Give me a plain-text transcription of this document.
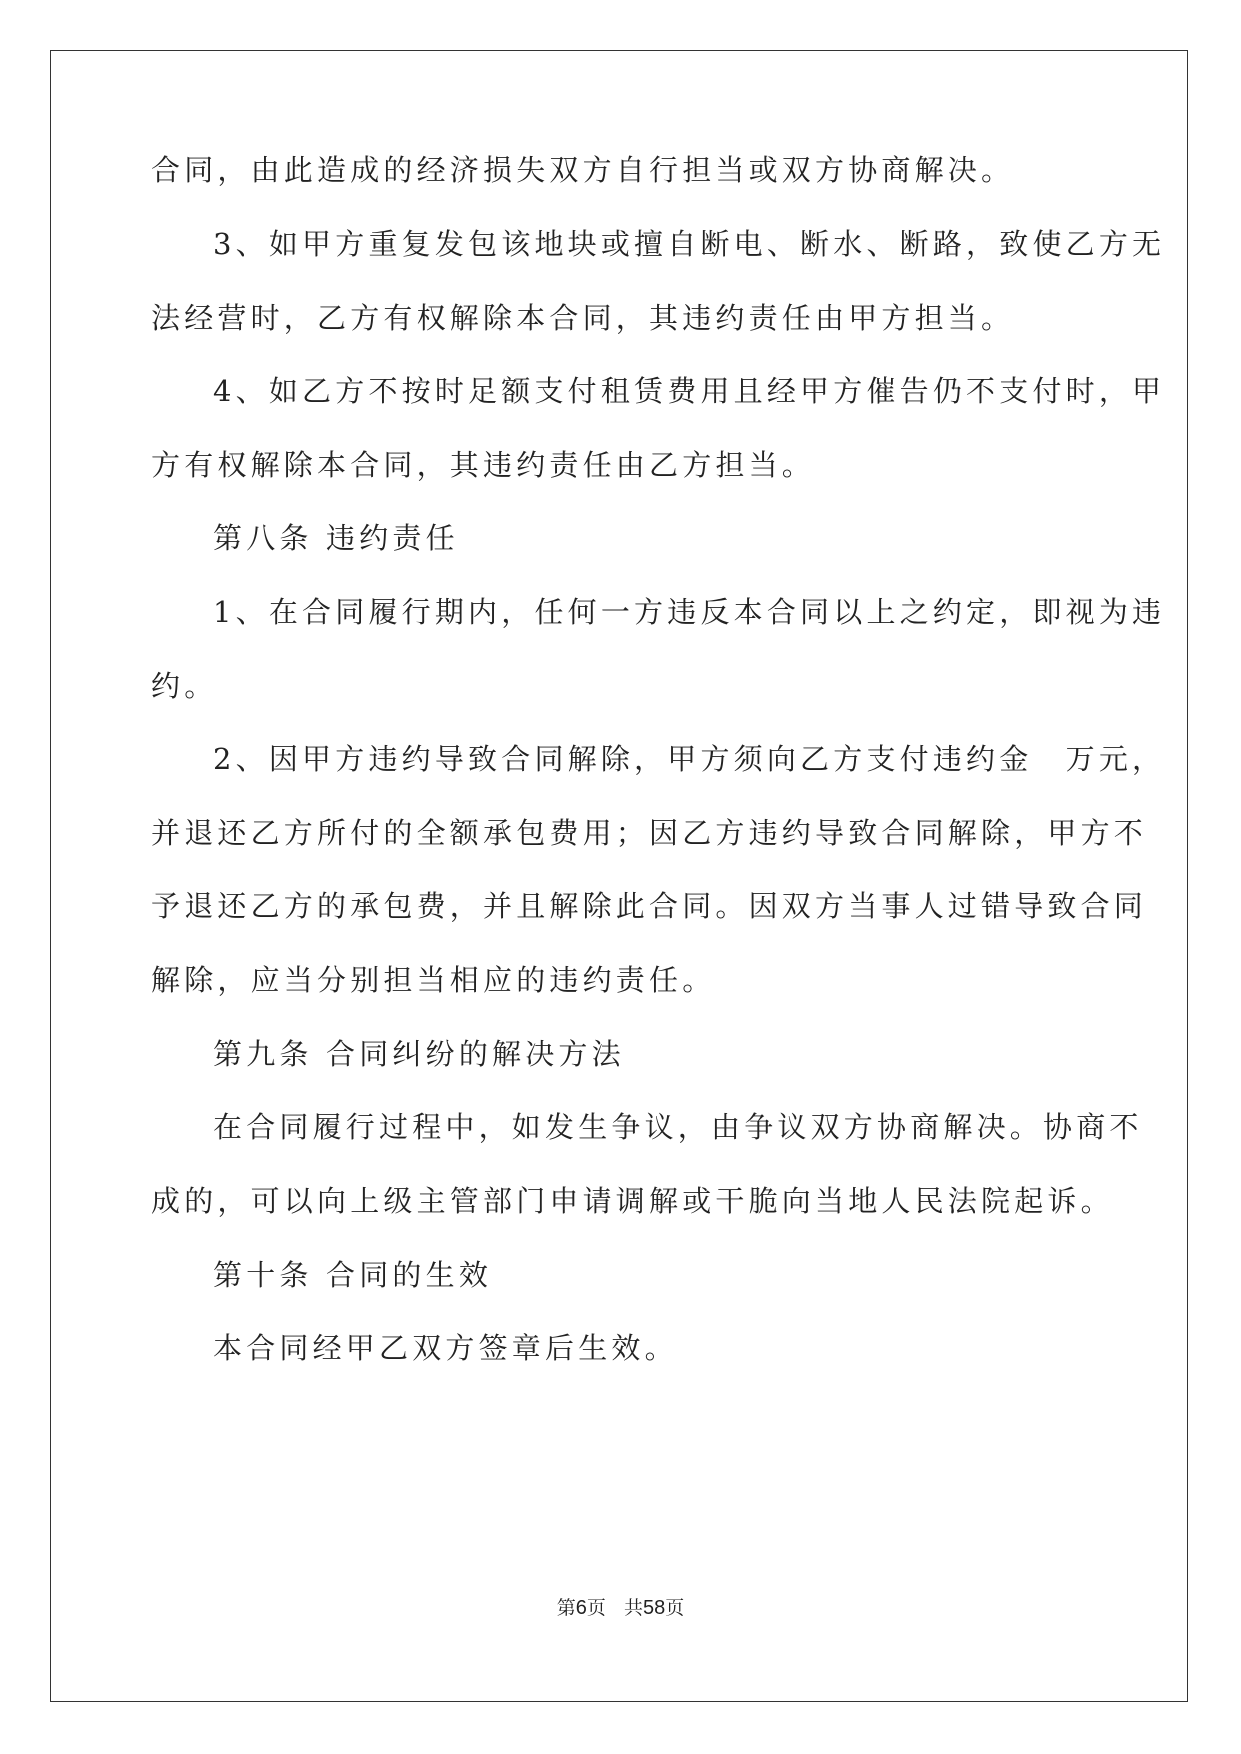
合同，由此造成的经济损失双方自行担当或双方协商解决。
3、如甲方重复发包该地块或擅自断电、断水、断路，致使乙方无
法经营时，乙方有权解除本合同，其违约责任由甲方担当。
4、如乙方不按时足额支付租赁费用且经甲方催告仍不支付时，甲
方有权解除本合同，其违约责任由乙方担当。
第八条 违约责任
1、在合同履行期内，任何一方违反本合同以上之约定，即视为违
约。
2、因甲方违约导致合同解除，甲方须向乙方支付违约金　万元，
并退还乙方所付的全额承包费用；因乙方违约导致合同解除，甲方不
予退还乙方的承包费，并且解除此合同。因双方当事人过错导致合同
解除，应当分别担当相应的违约责任。
第九条 合同纠纷的解决方法
在合同履行过程中，如发生争议，由争议双方协商解决。协商不
成的，可以向上级主管部门申请调解或干脆向当地人民法院起诉。
第十条 合同的生效
本合同经甲乙双方签章后生效。
第6页 共58页
